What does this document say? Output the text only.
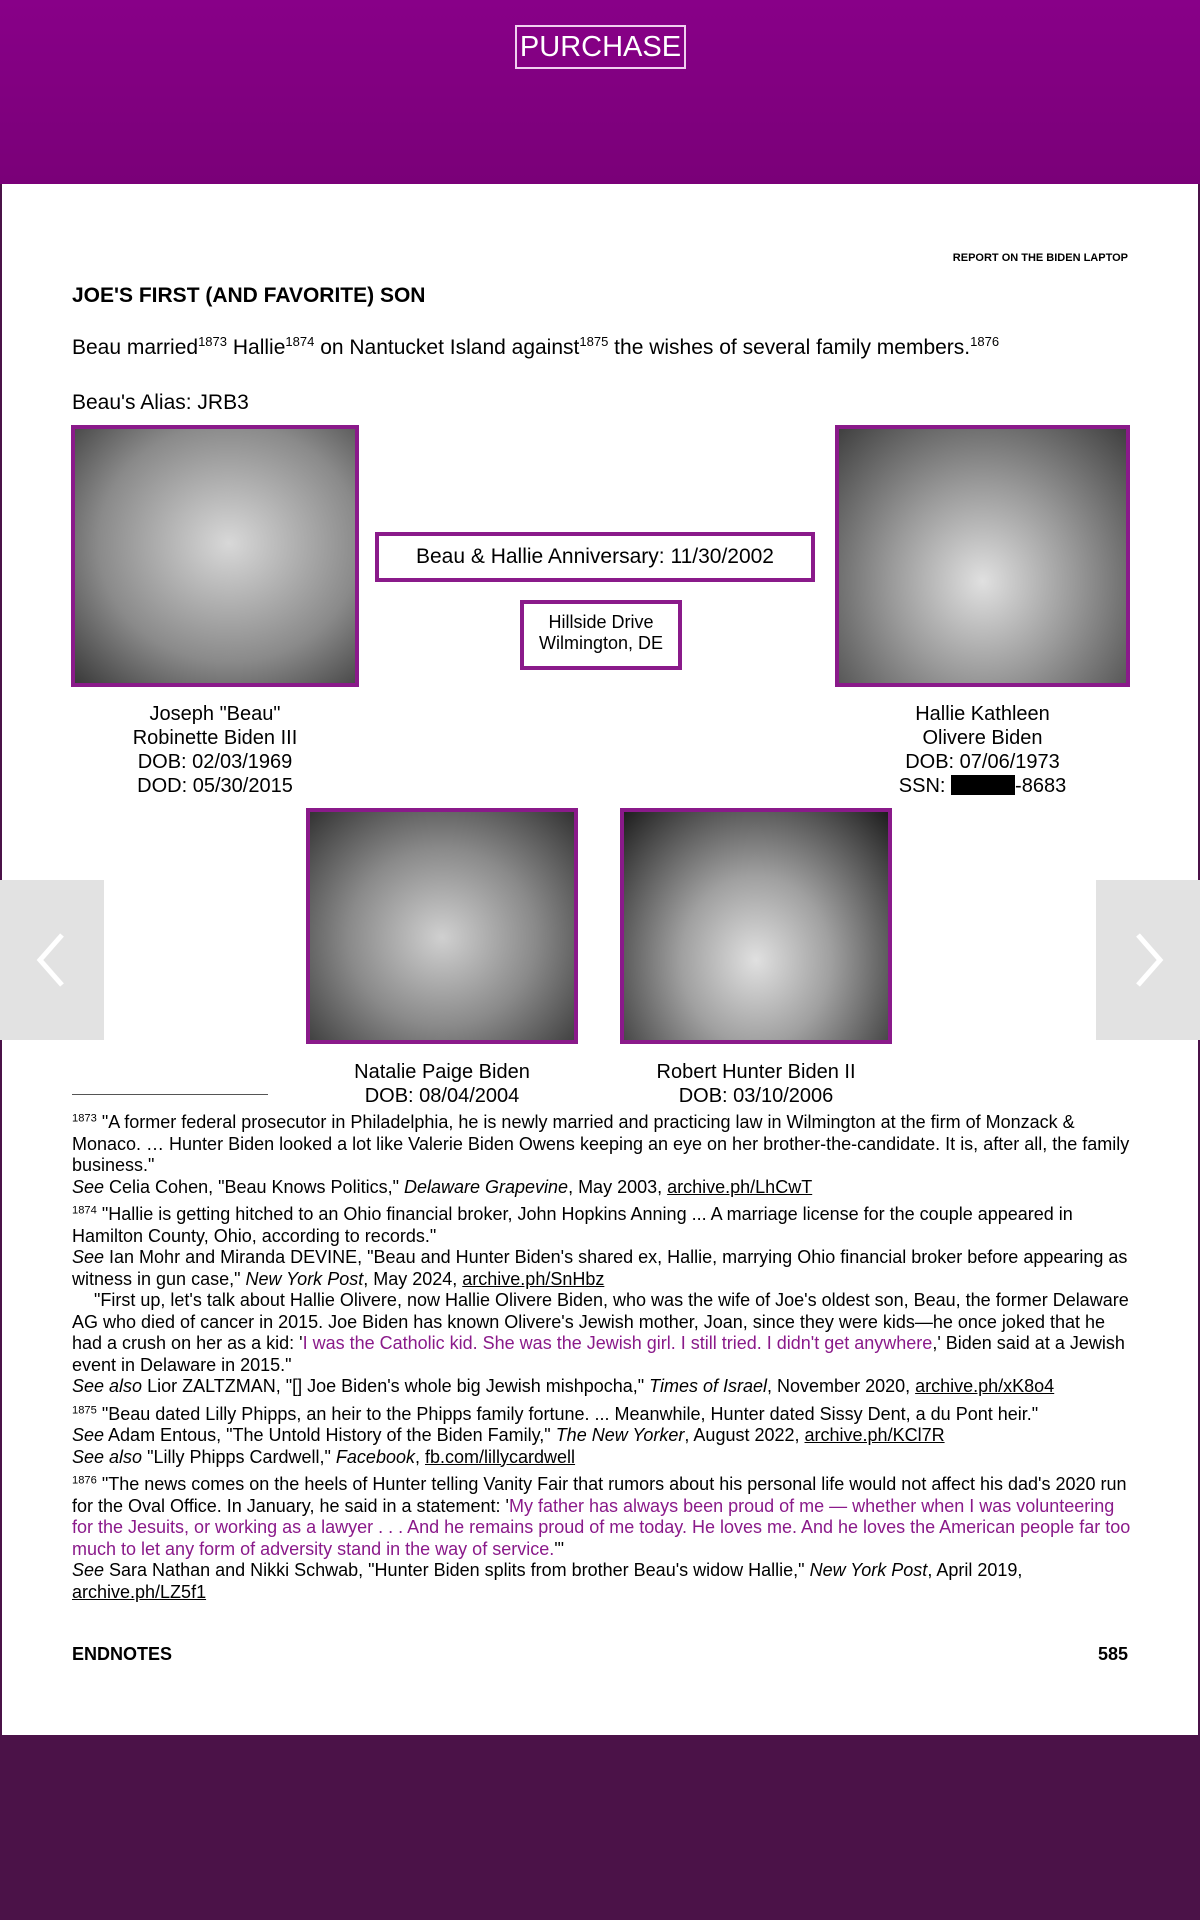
PURCHASE
REPORT ON THE BIDEN LAPTOP
JOE'S FIRST (AND FAVORITE) SON
Beau married$^{1873}$ Hallie$^{1874}$ on Nantucket Island against$^{1875}$ the wishes of several family members.$^{1876}$
Beau's Alias: JRB3
Beau & Hallie Anniversary: 11/30/2002
Hillside Drive
Wilmington, DE
Joseph "Beau"
Robinette Biden III
DOB: 02/03/1969
DOD: 05/30/2015
Hallie Kathleen
Olivere Biden
DOB: 07/06/1973
SSN:	-8683
Natalie Paige Biden
DOB: 08/04/2004
Robert Hunter Biden II
DOB: 03/10/2006
$^{1873}$ "A former federal prosecutor in Philadelphia, he is newly married and practicing law in Wilmington at the firm of Monzack & Monaco. … Hunter Biden looked a lot like Valerie Biden Owens keeping an eye on her brother-the-candidate. It is, after all, the family business."
See Celia Cohen, "Beau Knows Politics," Delaware Grapevine, May 2003, archive.ph/LhCwT
$^{1874}$ "Hallie is getting hitched to an Ohio financial broker, John Hopkins Anning ... A marriage license for the couple appeared in Hamilton County, Ohio, according to records."
See Ian Mohr and Miranda DEVINE, "Beau and Hunter Biden's shared ex, Hallie, marrying Ohio financial broker before appearing as witness in gun case," New York Post, May 2024, archive.ph/SnHbz
"First up, let's talk about Hallie Olivere, now Hallie Olivere Biden, who was the wife of Joe's oldest son, Beau, the former Delaware AG who died of cancer in 2015. Joe Biden has known Olivere's Jewish mother, Joan, since they were kids—he once joked that he had a crush on her as a kid: 'I was the Catholic kid. She was the Jewish girl. I still tried. I didn't get anywhere,' Biden said at a Jewish event in Delaware in 2015."
See also Lior ZALTZMAN, "[] Joe Biden's whole big Jewish mishpocha," Times of Israel, November 2020, archive.ph/xK8o4
$^{1875}$ "Beau dated Lilly Phipps, an heir to the Phipps family fortune. ... Meanwhile, Hunter dated Sissy Dent, a du Pont heir."
See Adam Entous, "The Untold History of the Biden Family," The New Yorker, August 2022, archive.ph/KCl7R
See also "Lilly Phipps Cardwell," Facebook, fb.com/lillycardwell
$^{1876}$ "The news comes on the heels of Hunter telling Vanity Fair that rumors about his personal life would not affect his dad's 2020 run for the Oval Office. In January, he said in a statement: 'My father has always been proud of me — whether when I was volunteering for the Jesuits, or working as a lawyer . . . And he remains proud of me today. He loves me. And he loves the American people far too much to let any form of adversity stand in the way of service.'"
See Sara Nathan and Nikki Schwab, "Hunter Biden splits from brother Beau's widow Hallie," New York Post, April 2019, archive.ph/LZ5f1
ENDNOTES	585
